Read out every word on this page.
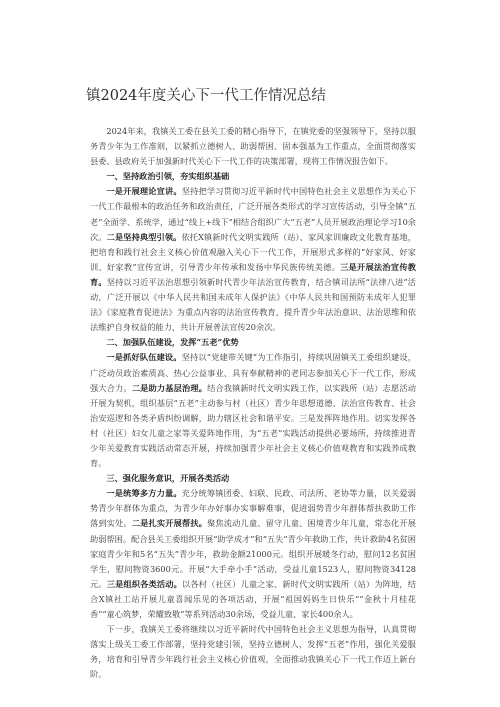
镇2024年度关心下一代工作情况总结

2024年来，我镇关工委在县关工委的精心指导下，在镇党委的坚强领导下，坚持以服务青少年为工作准则，以紧抓立德树人、助弱帮困、固本强基为工作重点，全面贯彻落实县委、县政府关于加强新时代关心下一代工作的决策部署，现将工作情况报告如下。

一、坚持政治引领，夯实组织基础

一是开展理论宣讲。坚持把学习贯彻习近平新时代中国特色社会主义思想作为关心下一代工作最根本的政治任务和政治责任，广泛开展各类形式的学习宣传活动，引导全镇“五老”全面学、系统学，通过“线上+线下”相结合组织广大“五老”人员开展政治理论学习10余次。二是坚持典型引领。依托X镇新时代文明实践所（站）、家风家训廉政文化教育基地，把培育和践行社会主义核心价值观融入关心下一代工作，开展形式多样的“好家风、好家训、好家教”宣传宣讲，引导青少年传承和发扬中华民族传统美德。三是开展法治宣传教育。坚持以习近平法治思想引领新时代青少年法治宣传教育，结合镇司法所“法律八进”活动，广泛开展以《中华人民共和国未成年人保护法》《中华人民共和国预防未成年人犯罪法》《家庭教育促进法》为重点内容的法治宣传教育，提升青少年法治意识、法治思维和依法维护自身权益的能力，共计开展普法宣传20余次。

二、加强队伍建设，发挥“五老”优势

一是抓好队伍建设。坚持以“党建带关键”为工作指引，持续巩固镇关工委组织建设，广泛动员政治素质高、热心公益事业、具有奉献精神的老同志参加关心下一代工作，形成强大合力。二是助力基层治理。结合我镇新时代文明实践工作，以实践所（站）志愿活动开展为契机，组织基层“五老”主动参与村（社区）青少年思想道德、法治宣传教育、社会治安巡逻和各类矛盾纠纷调解，助力辖区社会和谐平安。三是发挥阵地作用。切实发挥各村（社区）妇女儿童之家等关爱阵地作用，为“五老”实践活动提供必要场所，持续推进青少年关爱教育实践活动常态开展，持续加强青少年社会主义核心价值观教育和实践养成教育。

三、强化服务意识，开展各类活动

一是统筹多方力量。充分统筹镇团委、妇联、民政、司法所、老协等力量，以关爱弱势青少年群体为重点，为青少年办好事办实事解难事，促进弱势青少年群体帮扶救助工作落到实处。二是扎实开展帮扶。聚焦流动儿童、留守儿童、困境青少年儿童，常态化开展助弱帮困。配合县关工委组织开展“助学成才”和“五失”青少年救助工作，共计救助4名贫困家庭青少年和5名“五失”青少年，救助金额21000元。组织开展暖冬行动，慰问12名贫困学生，慰问物资3600元。开展“大手牵小手”活动，受益儿童1523人，慰问物资34128元。三是组织各类活动。以各村（社区）儿童之家、新时代文明实践所（站）为阵地，结合X镇社工站开展儿童喜闻乐见的各项活动，开展“祖国妈妈生日快乐”“金秋十月桂花香”“童心筑梦，荣耀致敬”等系列活动30余场，受益儿童、家长400余人。

下一步，我镇关工委将继续以习近平新时代中国特色社会主义思想为指导，认真贯彻落实上级关工委工作部署，坚持党建引领，坚持立德树人，发挥“五老”作用，强化关爱服务，培育和引导青少年践行社会主义核心价值观，全面推动我镇关心下一代工作迈上新台阶。
